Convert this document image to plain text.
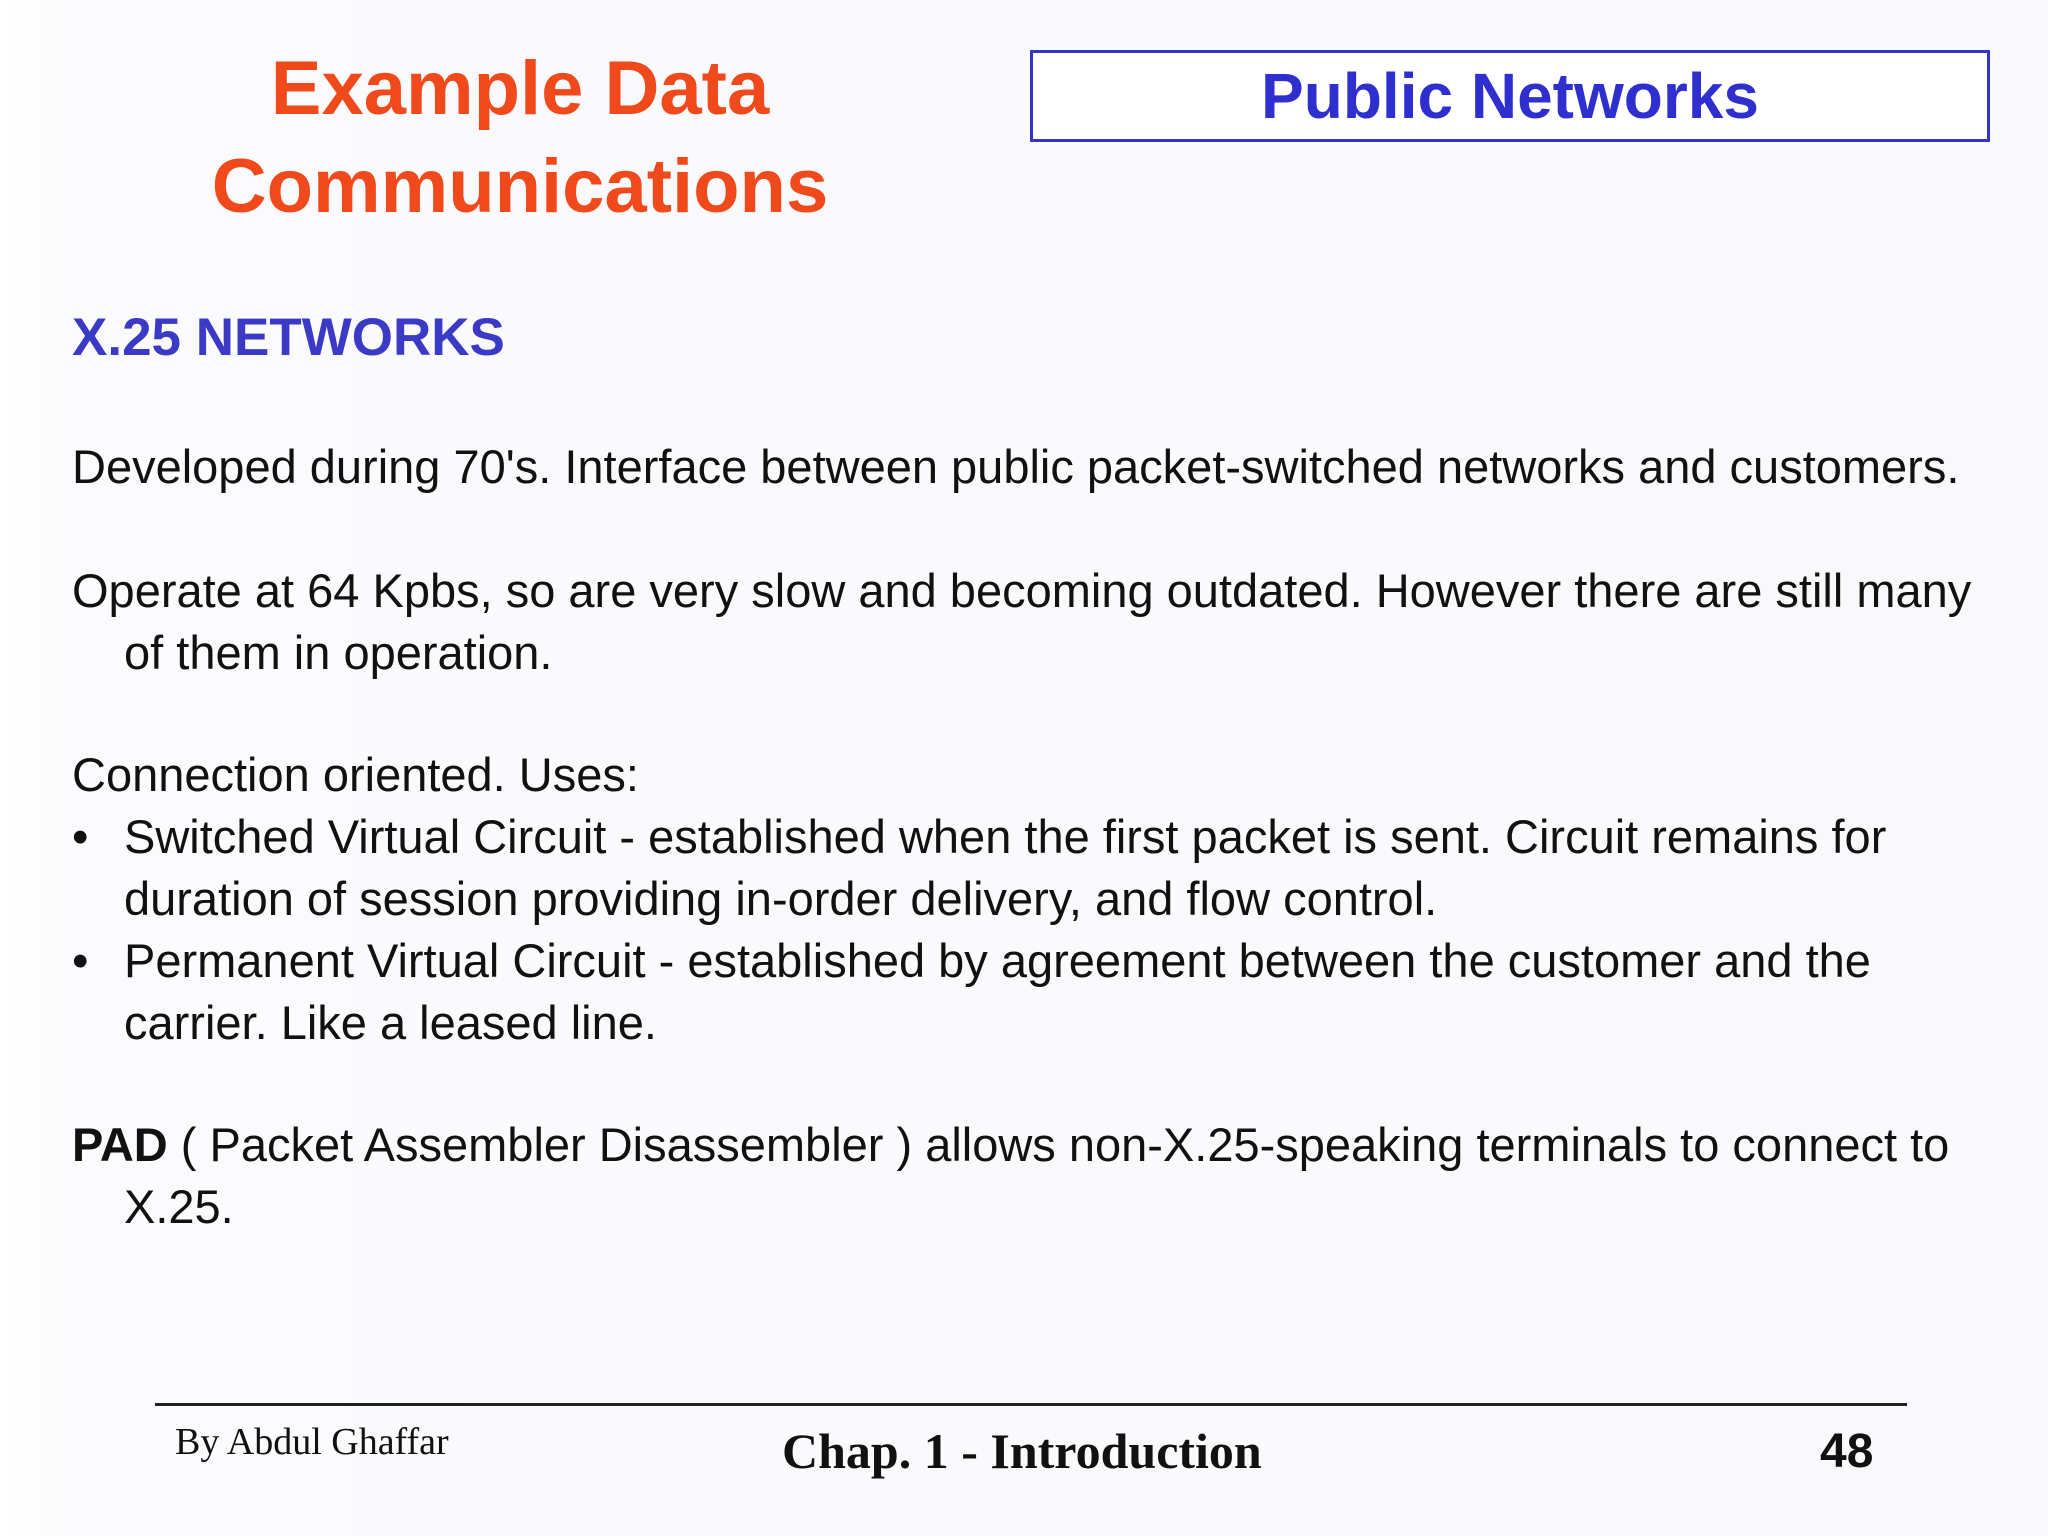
Example Data
Communications
Public Networks
X.25 NETWORKS

Developed during 70's. Interface between public packet-switched networks and customers.

Operate at 64 Kpbs, so are very slow and becoming outdated. However there are still many of them in operation.

Connection oriented. Uses:

• Switched Virtual Circuit - established when the first packet is sent. Circuit remains for duration of session providing in-order delivery, and flow control.
• Permanent Virtual Circuit - established by agreement between the customer and the carrier. Like a leased line.

PAD ( Packet Assembler Disassembler ) allows non-X.25-speaking terminals to connect to X.25.

By Abdul Ghaffar	Chap. 1 - Introduction	48
